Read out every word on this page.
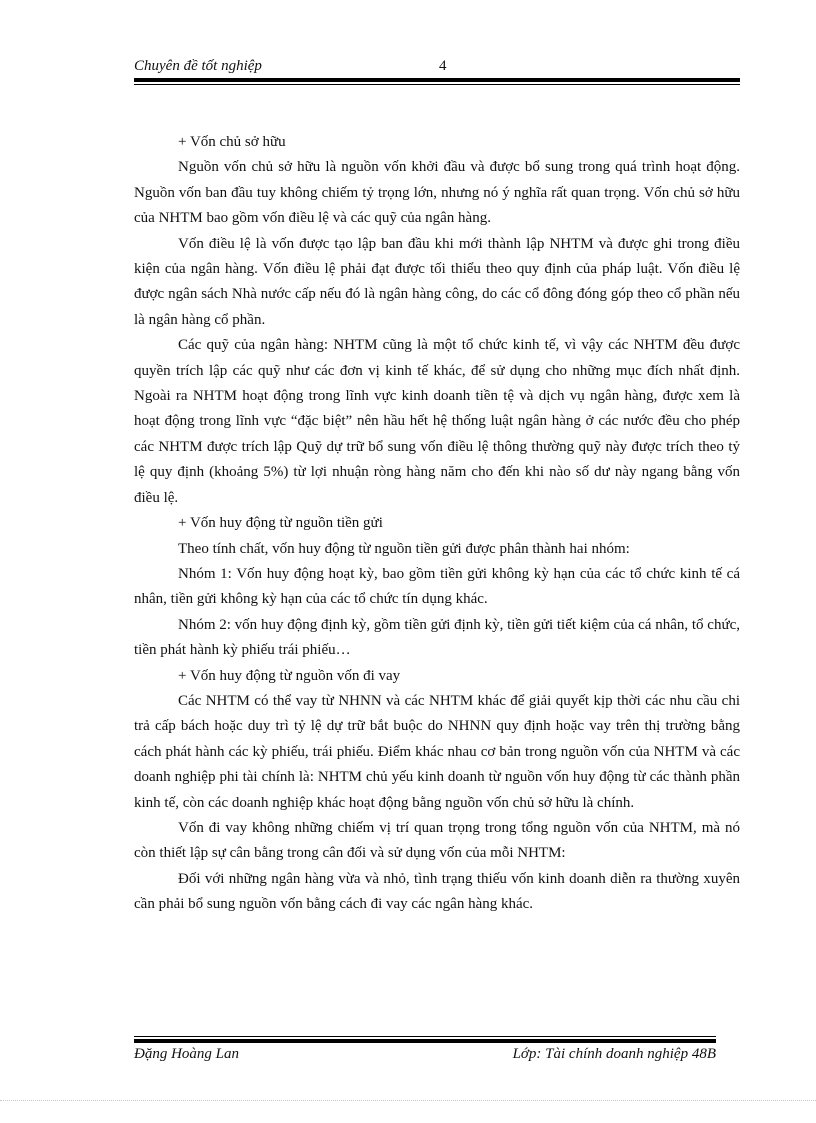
Chuyên đề tốt nghiệp	4

+ Vốn chủ sở hữu

Nguồn vốn chủ sở hữu là nguồn vốn khởi đầu và được bổ sung trong quá trình hoạt động. Nguồn vốn ban đầu tuy không chiếm tỷ trọng lớn, nhưng nó ý nghĩa rất quan trọng. Vốn chủ sở hữu của NHTM bao gồm vốn điều lệ và các quỹ của ngân hàng.

Vốn điều lệ là vốn được tạo lập ban đầu khi mới thành lập NHTM và được ghi trong điều kiện của ngân hàng. Vốn điều lệ phải đạt được tối thiểu theo quy định của pháp luật. Vốn điều lệ được ngân sách Nhà nước cấp nếu đó là ngân hàng công, do các cổ đông đóng góp theo cổ phần nếu là ngân hàng cổ phần.

Các quỹ của ngân hàng: NHTM cũng là một tổ chức kinh tế, vì vậy các NHTM đều được quyền trích lập các quỹ như các đơn vị kinh tế khác, để sử dụng cho những mục đích nhất định. Ngoài ra NHTM hoạt động trong lĩnh vực kinh doanh tiền tệ và dịch vụ ngân hàng, được xem là hoạt động trong lĩnh vực “đặc biệt” nên hầu hết hệ thống luật ngân hàng ở các nước đều cho phép các NHTM được trích lập Quỹ dự trữ bổ sung vốn điều lệ thông thường quỹ này được trích theo tỷ lệ quy định (khoảng 5%) từ lợi nhuận ròng hàng năm cho đến khi nào số dư này ngang bằng vốn điều lệ.

+ Vốn huy động từ nguồn tiền gửi

Theo tính chất, vốn huy động từ nguồn tiền gửi được phân thành hai nhóm:

Nhóm 1: Vốn huy động hoạt kỳ, bao gồm tiền gửi không kỳ hạn của các tổ chức kinh tế cá nhân, tiền gửi không kỳ hạn của các tổ chức tín dụng khác.

Nhóm 2: vốn huy động định kỳ, gồm tiền gửi định kỳ, tiền gửi tiết kiệm của cá nhân, tổ chức, tiền phát hành kỳ phiếu trái phiếu…

+ Vốn huy động từ nguồn vốn đi vay

Các NHTM có thể vay từ NHNN và các NHTM khác để giải quyết kịp thời các nhu cầu chi trả cấp bách hoặc duy trì tỷ lệ dự trữ bắt buộc do NHNN quy định hoặc vay trên thị trường bằng cách phát hành các kỳ phiếu, trái phiếu. Điểm khác nhau cơ bản trong nguồn vốn của NHTM và các doanh nghiệp phi tài chính là: NHTM chủ yếu kinh doanh từ nguồn vốn huy động từ các thành phần kinh tế, còn các doanh nghiệp khác hoạt động bằng nguồn vốn chủ sở hữu là chính.

Vốn đi vay không những chiếm vị trí quan trọng trong tổng nguồn vốn của NHTM, mà nó còn thiết lập sự cân bằng trong cân đối và sử dụng vốn của mỗi NHTM:

Đối với những ngân hàng vừa và nhỏ, tình trạng thiếu vốn kinh doanh diễn ra thường xuyên cần phải bổ sung nguồn vốn bằng cách đi vay các ngân hàng khác.

Đặng Hoàng Lan	Lớp: Tài chính doanh nghiệp 48B
